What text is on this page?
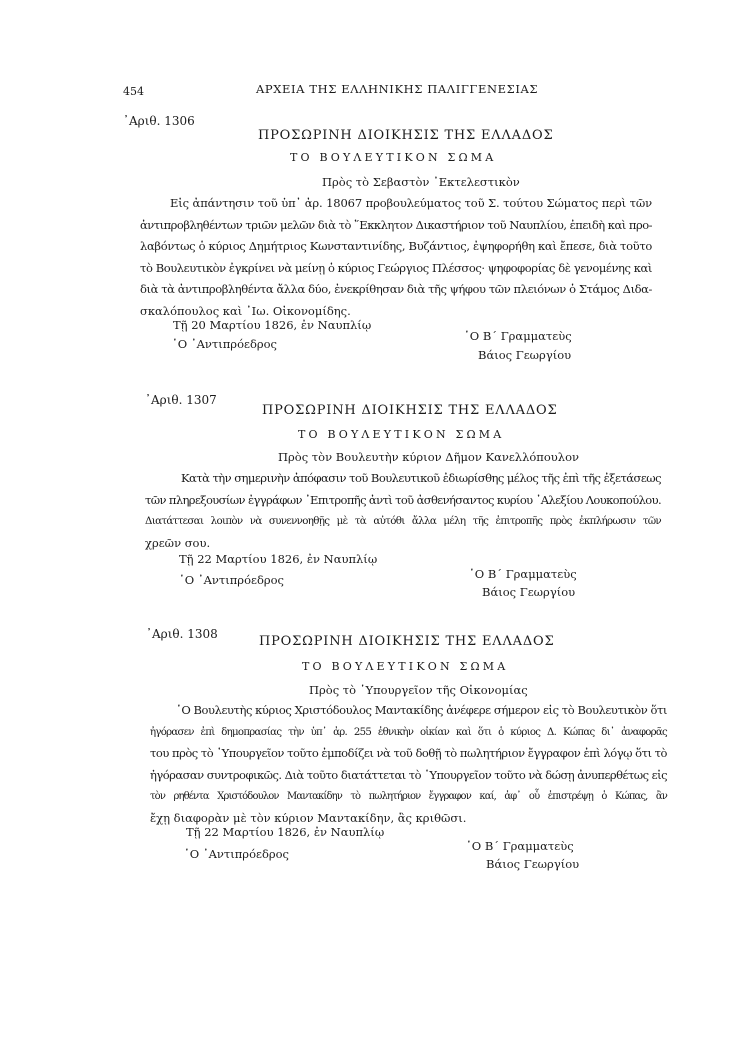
454	ΑΡΧΕΙΑ ΤΗΣ ΕΛΛΗΝΙΚΗΣ ΠΑΛΙΓΓΕΝΕΣΙΑΣ
᾿Αριθ. 1306
ΠΡΟΣΩΡΙΝΗ ΔΙΟΙΚΗΣΙΣ ΤΗΣ ΕΛΛΑΔΟΣ
ΤΟ ΒΟΥΛΕΥΤΙΚΟΝ ΣΩΜΑ
Πρὸς τὸ Σεβαστὸν ᾿Εκτελεστικὸν
Εἰς ἀπάντησιν τοῦ ὑπ᾿ ἀρ. 18067 προβουλεύματος τοῦ Σ. τούτου Σώματος περὶ τῶν
ἀντιπροβληθέντων τριῶν μελῶν διὰ τὸ ῞Εκκλητον Δικαστήριον τοῦ Ναυπλίου, ἐπειδὴ καὶ προ-
λαβόντως ὁ κύριος Δημήτριος Κωνσταντινίδης, Βυζάντιος, ἐψηφορήθη καὶ ἔπεσε, διὰ τοῦτο
τὸ Βουλευτικὸν ἐγκρίνει νὰ μείνῃ ὁ κύριος Γεώργιος Πλέσσος· ψηφοφορίας δὲ γενομένης καὶ
διὰ τὰ ἀντιπροβληθέντα ἄλλα δύο, ἐνεκρίθησαν διὰ τῆς ψήφου τῶν πλειόνων ὁ Στάμος Διδα-
σκαλόπουλος καὶ ᾿Ιω. Οἰκονομίδης.
Τῇ 20 Μαρτίου 1826, ἐν Ναυπλίῳ
῾Ο ᾿Αντιπρόεδρος
῾Ο Β΄ Γραμματεὺς
Βάιος Γεωργίου
᾿Αριθ. 1307
ΠΡΟΣΩΡΙΝΗ ΔΙΟΙΚΗΣΙΣ ΤΗΣ ΕΛΛΑΔΟΣ
ΤΟ ΒΟΥΛΕΥΤΙΚΟΝ ΣΩΜΑ
Πρὸς τὸν Βουλευτὴν κύριον Δῆμον Κανελλόπουλον
Κατὰ τὴν σημερινὴν ἀπόφασιν τοῦ Βουλευτικοῦ ἐδιωρίσθης μέλος τῆς ἐπὶ τῆς ἐξετάσεως
τῶν πληρεξουσίων ἐγγράφων ᾿Επιτροπῆς ἀντὶ τοῦ ἀσθενήσαντος κυρίου ᾿Αλεξίου Λουκοπούλου.
Διατάττεσαι λοιπὸν νὰ συνεννοηθῇς μὲ τὰ αὐτόθι ἄλλα μέλη τῆς ἐπιτροπῆς πρὸς ἐκπλήρωσιν τῶν
χρεῶν σου.
Τῇ 22 Μαρτίου 1826, ἐν Ναυπλίῳ
῾Ο ᾿Αντιπρόεδρος	῾Ο Β΄ Γραμματεὺς
Βάιος Γεωργίου
᾿Αριθ. 1308	ΠΡΟΣΩΡΙΝΗ ΔΙΟΙΚΗΣΙΣ ΤΗΣ ΕΛΛΑΔΟΣ
ΤΟ ΒΟΥΛΕΥΤΙΚΟΝ ΣΩΜΑ
Πρὸς τὸ ῾Υπουργεῖον τῆς Οἰκονομίας
῾Ο Βουλευτὴς κύριος Χριστόδουλος Μαντακίδης ἀνέφερε σήμερον εἰς τὸ Βουλευτικὸν ὅτι
ἠγόρασεν ἐπὶ δημοπρασίας τὴν ὑπ᾿ ἀρ. 255 ἐθνικὴν οἰκίαν καὶ ὅτι ὁ κύριος Δ. Κώπας δι᾿ ἀναφορᾶς
του πρὸς τὸ ῾Υπουργεῖον τοῦτο ἐμποδίζει νὰ τοῦ δοθῇ τὸ πωλητήριον ἔγγραφον ἐπὶ λόγῳ ὅτι τὸ
ἠγόρασαν συντροφικῶς. Διὰ τοῦτο διατάττεται τὸ ῾Υπουργεῖον τοῦτο νὰ δώσῃ ἀνυπερθέτως εἰς
τὸν ρηθέντα Χριστόδουλον Μαντακίδην τὸ πωλητήριον ἔγγραφον καί, ἀφ᾿ οὗ ἐπιστρέψῃ ὁ Κώπας, ἂν
ἔχῃ διαφορὰν μὲ τὸν κύριον Μαντακίδην, ἂς κριθῶσι.
Τῇ 22 Μαρτίου 1826, ἐν Ναυπλίῳ
῾Ο ᾿Αντιπρόεδρος
῾Ο Β΄ Γραμματεὺς
Βάιος Γεωργίου
